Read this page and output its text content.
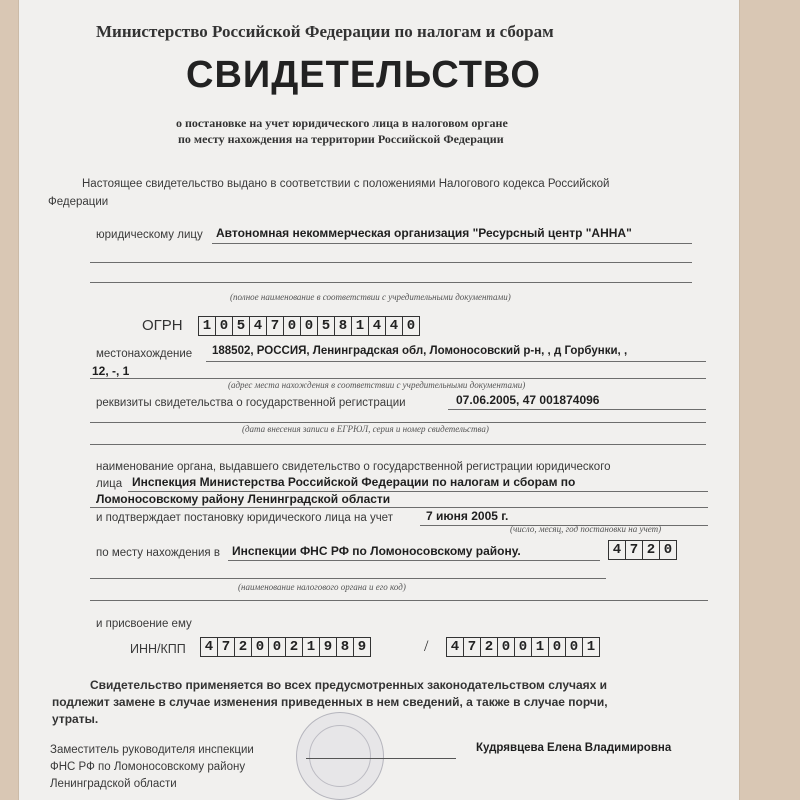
Министерство Российской Федерации по налогам и сборам
СВИДЕТЕЛЬСТВО
о постановке на учет юридического лица в налоговом органе
по месту нахождения на территории Российской Федерации
Настоящее свидетельство выдано в соответствии с положениями Налогового кодекса Российской
Федерации
юридическому лицу Автономная некоммерческая организация "Ресурсный центр "АННА"
(полное наименование в соответствии с учредительными документами)
ОГРН 1 0 5 4 7 0 0 5 8 1 4 4 0
местонахождение 188502, РОССИЯ, Ленинградская обл, Ломоносовский р-н, , д Горбунки, ,
12, -, 1
(адрес места нахождения в соответствии с учредительными документами)
реквизиты свидетельства о государственной регистрации	07.06.2005, 47 001874096
(дата внесения записи в ЕГРЮЛ, серия и номер свидетельства)
наименование органа, выдавшего свидетельство о государственной регистрации юридического
лица Инспекция Министерства Российской Федерации по налогам и сборам по
Ломоносовскому району Ленинградской области
и подтверждает постановку юридического лица на учет	7 июня 2005 г.
(число, месяц, год постановки на учет)
по месту нахождения в Инспекции ФНС РФ по Ломоносовскому району.	4 7 2 0
(наименование налогового органа и его код)
и присвоение ему
ИНН/КПП 4 7 2 0 0 2 1 9 8 9	/ 4 7 2 0 0 1 0 0 1
Свидетельство применяется во всех предусмотренных законодательством случаях и
подлежит замене в случае изменения приведенных в нем сведений, а также в случае порчи,
утраты.
Заместитель руководителя инспекции
ФНС РФ по Ломоносовскому району
Ленинградской области
Кудрявцева Елена Владимировна
